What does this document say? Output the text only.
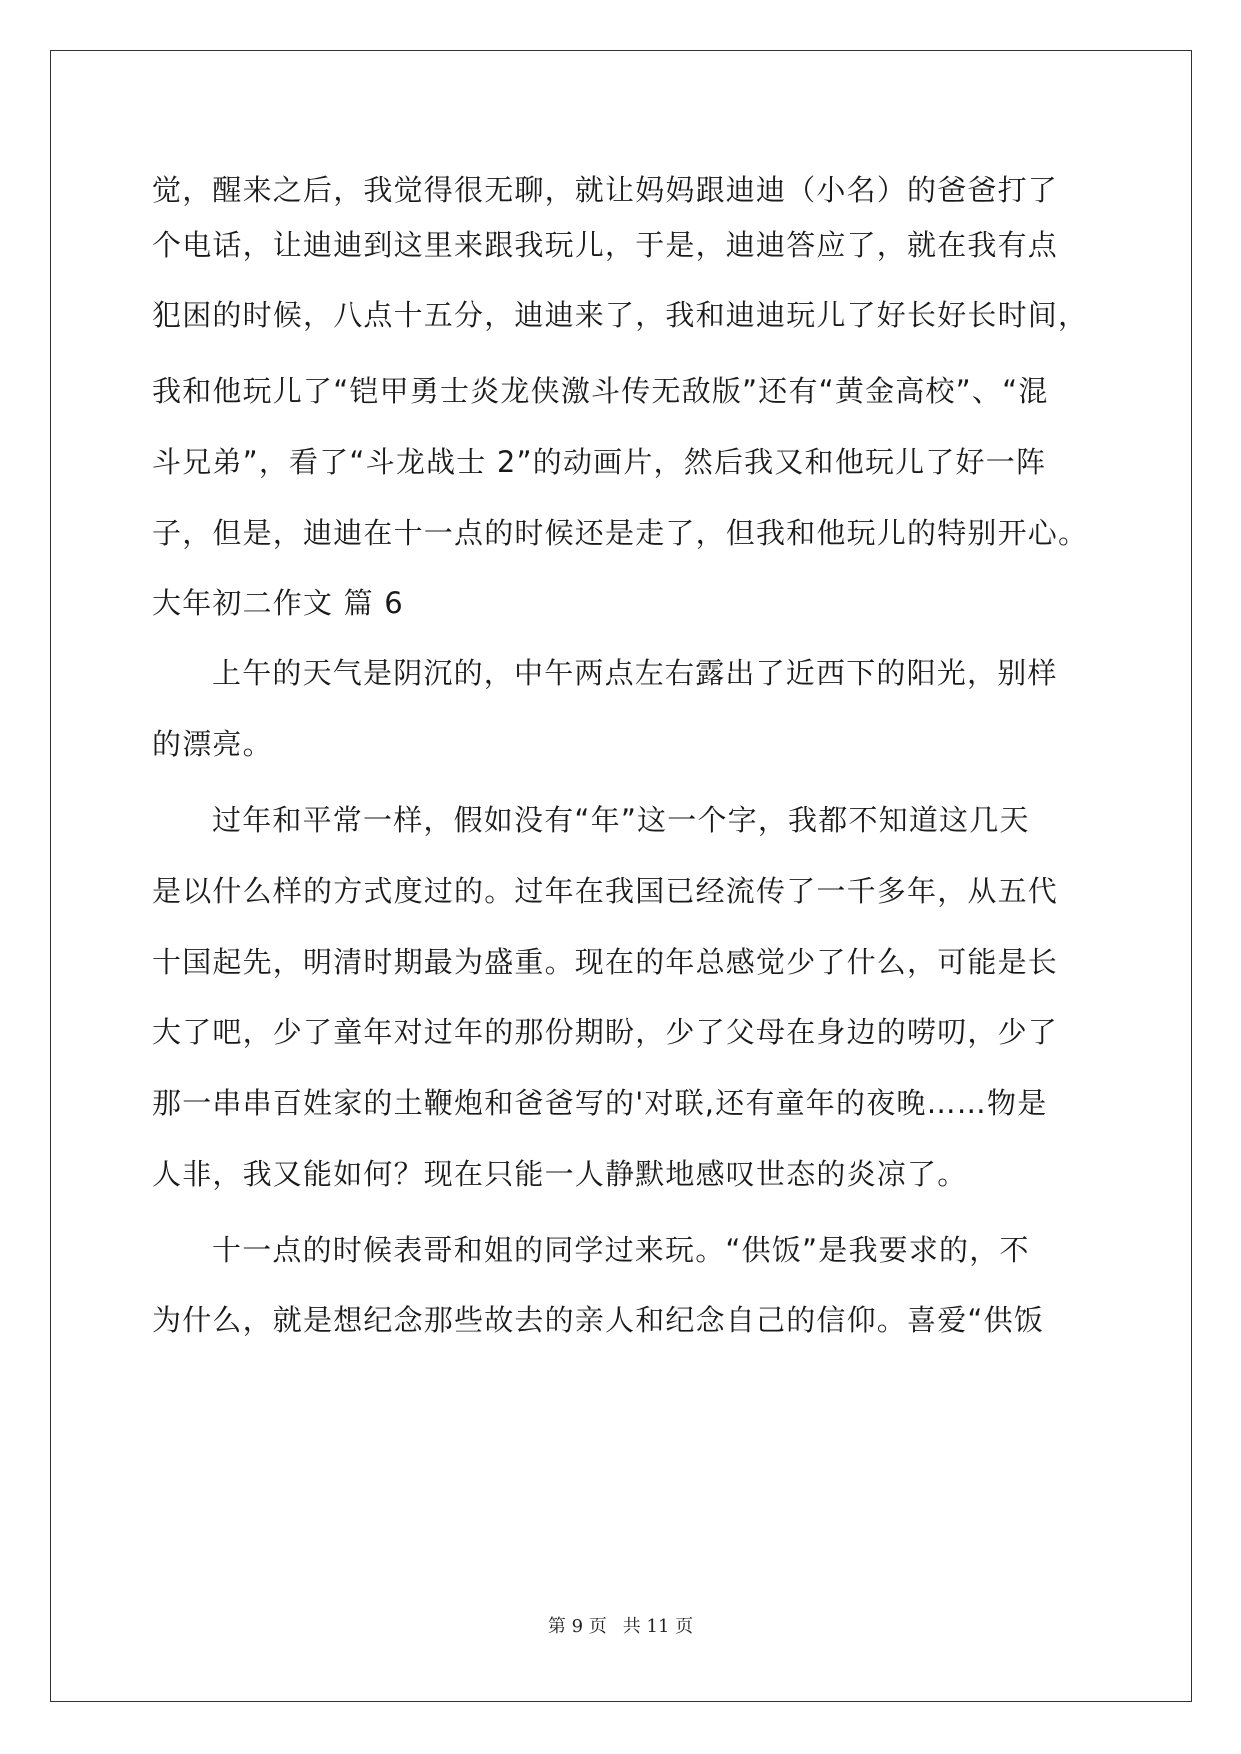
觉，醒来之后，我觉得很无聊，就让妈妈跟迪迪（小名）的爸爸打了
个电话，让迪迪到这里来跟我玩儿，于是，迪迪答应了，就在我有点
犯困的时候，八点十五分，迪迪来了，我和迪迪玩儿了好长好长时间，
我和他玩儿了“铠甲勇士炎龙侠激斗传无敌版”还有“黄金高校”、“混
斗兄弟”，看了“斗龙战士 2”的动画片，然后我又和他玩儿了好一阵
子，但是，迪迪在十一点的时候还是走了，但我和他玩儿的特别开心。
大年初二作文 篇 6
上午的天气是阴沉的，中午两点左右露出了近西下的阳光，别样
的漂亮。
过年和平常一样，假如没有“年”这一个字，我都不知道这几天
是以什么样的方式度过的。过年在我国已经流传了一千多年，从五代
十国起先，明清时期最为盛重。现在的年总感觉少了什么，可能是长
大了吧，少了童年对过年的那份期盼，少了父母在身边的唠叨，少了
那一串串百姓家的土鞭炮和爸爸写的'对联,还有童年的夜晚……物是
人非，我又能如何？现在只能一人静默地感叹世态的炎凉了。
十一点的时候表哥和姐的同学过来玩。“供饭”是我要求的，不
为什么，就是想纪念那些故去的亲人和纪念自己的信仰。喜爱“供饭
第 9 页 共 11 页
